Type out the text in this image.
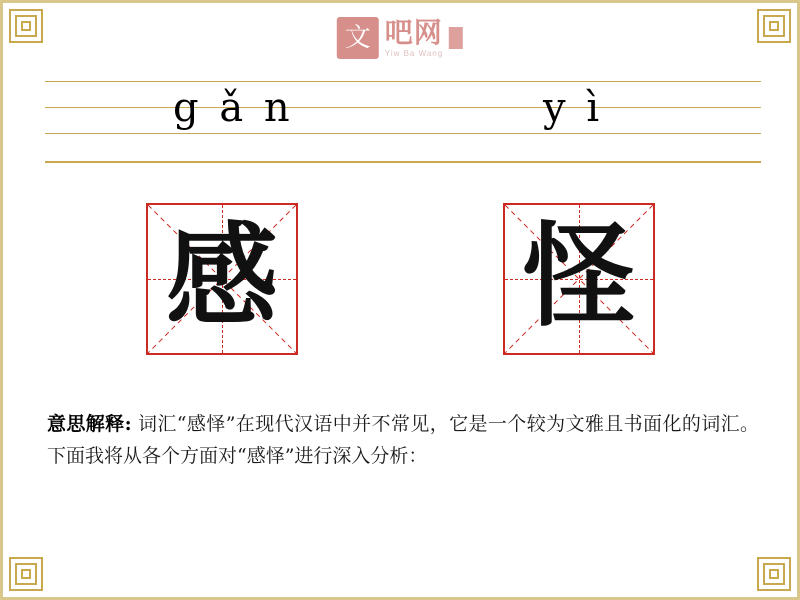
文 吧网
Yiw Ba Wang
g ǎ n	y ì
感 怪
意思解释: 词汇“感怿”在现代汉语中并不常见，它是一个较为文雅且书面化的词汇。下面我将从各个方面对“感怿”进行深入分析：
